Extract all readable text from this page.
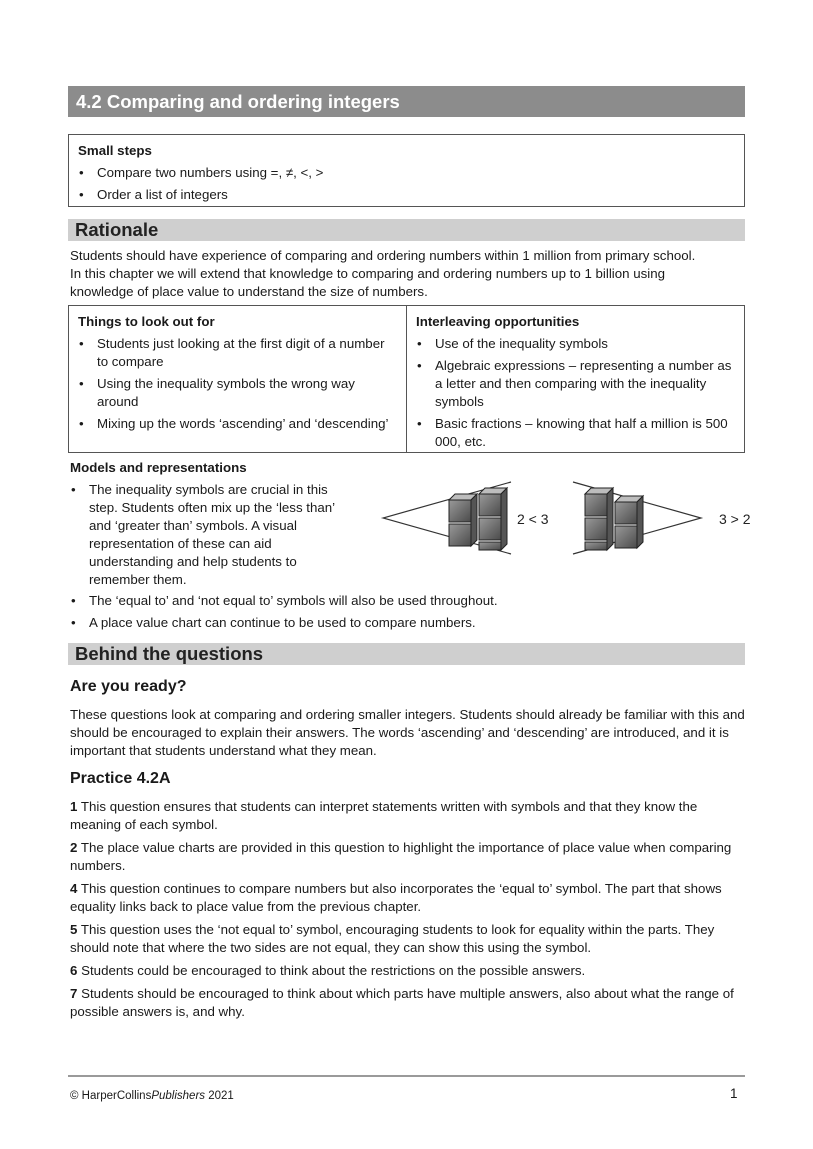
4.2 Comparing and ordering integers
Small steps
• Compare two numbers using =, ≠, <, >
• Order a list of integers
Rationale
Students should have experience of comparing and ordering numbers within 1 million from primary school.
In this chapter we will extend that knowledge to comparing and ordering numbers up to 1 billion using
knowledge of place value to understand the size of numbers.
Things to look out for
• Students just looking at the first digit of a number to compare
• Using the inequality symbols the wrong way around
• Mixing up the words ‘ascending’ and ‘descending’
Interleaving opportunities
• Use of the inequality symbols
• Algebraic expressions – representing a number as a letter and then comparing with the inequality symbols
• Basic fractions – knowing that half a million is 500 000, etc.
Models and representations
• The inequality symbols are crucial in this step. Students often mix up the ‘less than’ and ‘greater than’ symbols. A visual representation of these can aid understanding and help students to remember them.
• The ‘equal to’ and ‘not equal to’ symbols will also be used throughout.
• A place value chart can continue to be used to compare numbers.
2 < 3	3 > 2
Behind the questions
Are you ready?
These questions look at comparing and ordering smaller integers. Students should already be familiar with this and should be encouraged to explain their answers. The words ‘ascending’ and ‘descending’ are introduced, and it is important that students understand what they mean.
Practice 4.2A
1 This question ensures that students can interpret statements written with symbols and that they know the meaning of each symbol.
2 The place value charts are provided in this question to highlight the importance of place value when comparing numbers.
4 This question continues to compare numbers but also incorporates the ‘equal to’ symbol. The part that shows equality links back to place value from the previous chapter.
5 This question uses the ‘not equal to’ symbol, encouraging students to look for equality within the parts. They should note that where the two sides are not equal, they can show this using the symbol.
6 Students could be encouraged to think about the restrictions on the possible answers.
7 Students should be encouraged to think about which parts have multiple answers, also about what the range of possible answers is, and why.
© HarperCollinsPublishers 2021	1
